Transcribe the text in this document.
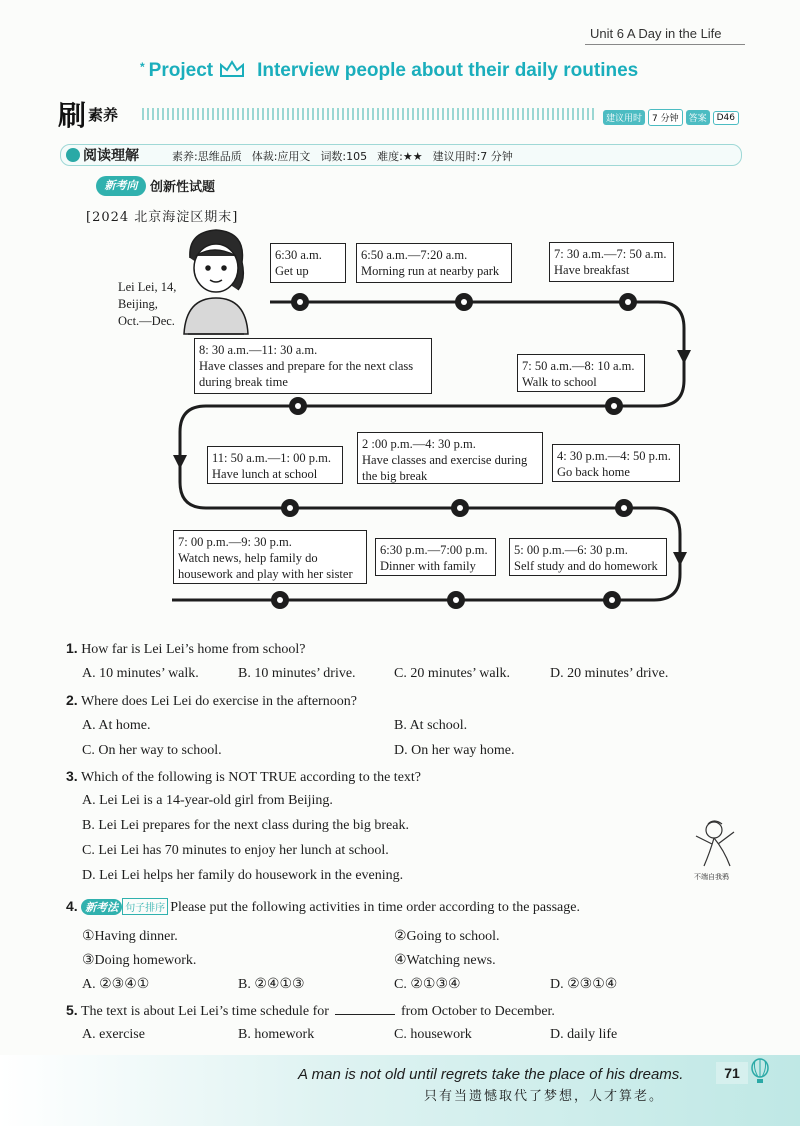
Unit 6 A Day in the Life
* Project Interview people about their daily routines
刷 素养	建议用时	7 分钟	答案	D46
阅读理解	素养:思维品质 体裁:应用文 词数:105 难度:★★ 建议用时:7 分钟
新考向 创新性试题
[2024 北京海淀区期末]
Lei Lei, 14,
Beijing,
Oct.—Dec.
6:30 a.m.
Get up
6:50 a.m.—7:20 a.m.
Morning run at nearby park
7: 30 a.m.—7: 50 a.m.
Have breakfast
7: 50 a.m.—8: 10 a.m.
Walk to school
8: 30 a.m.—11: 30 a.m.
Have classes and prepare for the next class during break time
11: 50 a.m.—1: 00 p.m.
Have lunch at school
2 :00 p.m.—4: 30 p.m.
Have classes and exercise during the big break
4: 30 p.m.—4: 50 p.m.
Go back home
5: 00 p.m.—6: 30 p.m.
Self study and do homework
6:30 p.m.—7:00 p.m.
Dinner with family
7: 00 p.m.—9: 30 p.m.
Watch news, help family do housework and play with her sister
1. How far is Lei Lei’s home from school?
A. 10 minutes’ walk.	B. 10 minutes’ drive.	C. 20 minutes’ walk.	D. 20 minutes’ drive.
2. Where does Lei Lei do exercise in the afternoon?
A. At home.	B. At school.
C. On her way to school.	D. On her way home.
3. Which of the following is NOT TRUE according to the text?
A. Lei Lei is a 14-year-old girl from Beijing.
B. Lei Lei prepares for the next class during the big break.
C. Lei Lei has 70 minutes to enjoy her lunch at school.
D. Lei Lei helps her family do housework in the evening.	不端自我鸦
4. 新考法 句子排序 Please put the following activities in time order according to the passage.
①Having dinner.	②Going to school.
③Doing homework.	④Watching news.
A. ②③④①	B. ②④①③	C. ②①③④	D. ②③①④
5. The text is about Lei Lei’s time schedule for	from October to December.
A. exercise	B. homework	C. housework	D. daily life
A man is not old until regrets take the place of his dreams.
只有当遗憾取代了梦想，人才算老。
71
